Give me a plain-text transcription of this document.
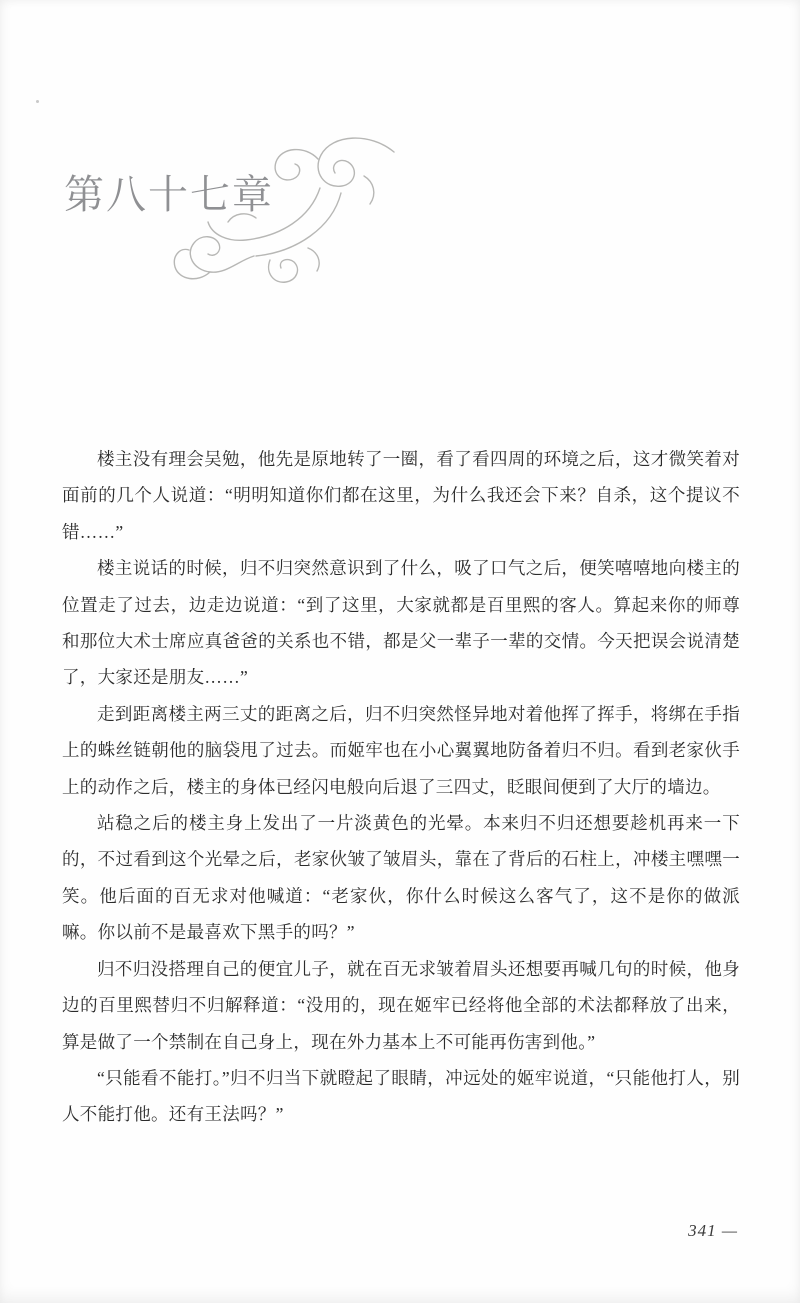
第八十七章

楼主没有理会吴勉，他先是原地转了一圈，看了看四周的环境之后，这才微笑着对面前的几个人说道：“明明知道你们都在这里，为什么我还会下来？自杀，这个提议不错……”

楼主说话的时候，归不归突然意识到了什么，吸了口气之后，便笑嘻嘻地向楼主的位置走了过去，边走边说道：“到了这里，大家就都是百里熙的客人。算起来你的师尊和那位大术士席应真爸爸的关系也不错，都是父一辈子一辈的交情。今天把误会说清楚了，大家还是朋友……”

走到距离楼主两三丈的距离之后，归不归突然怪异地对着他挥了挥手，将绑在手指上的蛛丝链朝他的脑袋甩了过去。而姬牢也在小心翼翼地防备着归不归。看到老家伙手上的动作之后，楼主的身体已经闪电般向后退了三四丈，眨眼间便到了大厅的墙边。

站稳之后的楼主身上发出了一片淡黄色的光晕。本来归不归还想要趁机再来一下的，不过看到这个光晕之后，老家伙皱了皱眉头，靠在了背后的石柱上，冲楼主嘿嘿一笑。他后面的百无求对他喊道：“老家伙，你什么时候这么客气了，这不是你的做派嘛。你以前不是最喜欢下黑手的吗？”

归不归没搭理自己的便宜儿子，就在百无求皱着眉头还想要再喊几句的时候，他身边的百里熙替归不归解释道：“没用的，现在姬牢已经将他全部的术法都释放了出来，算是做了一个禁制在自己身上，现在外力基本上不可能再伤害到他。”

“只能看不能打。”归不归当下就瞪起了眼睛，冲远处的姬牢说道，“只能他打人，别人不能打他。还有王法吗？”

341 —
